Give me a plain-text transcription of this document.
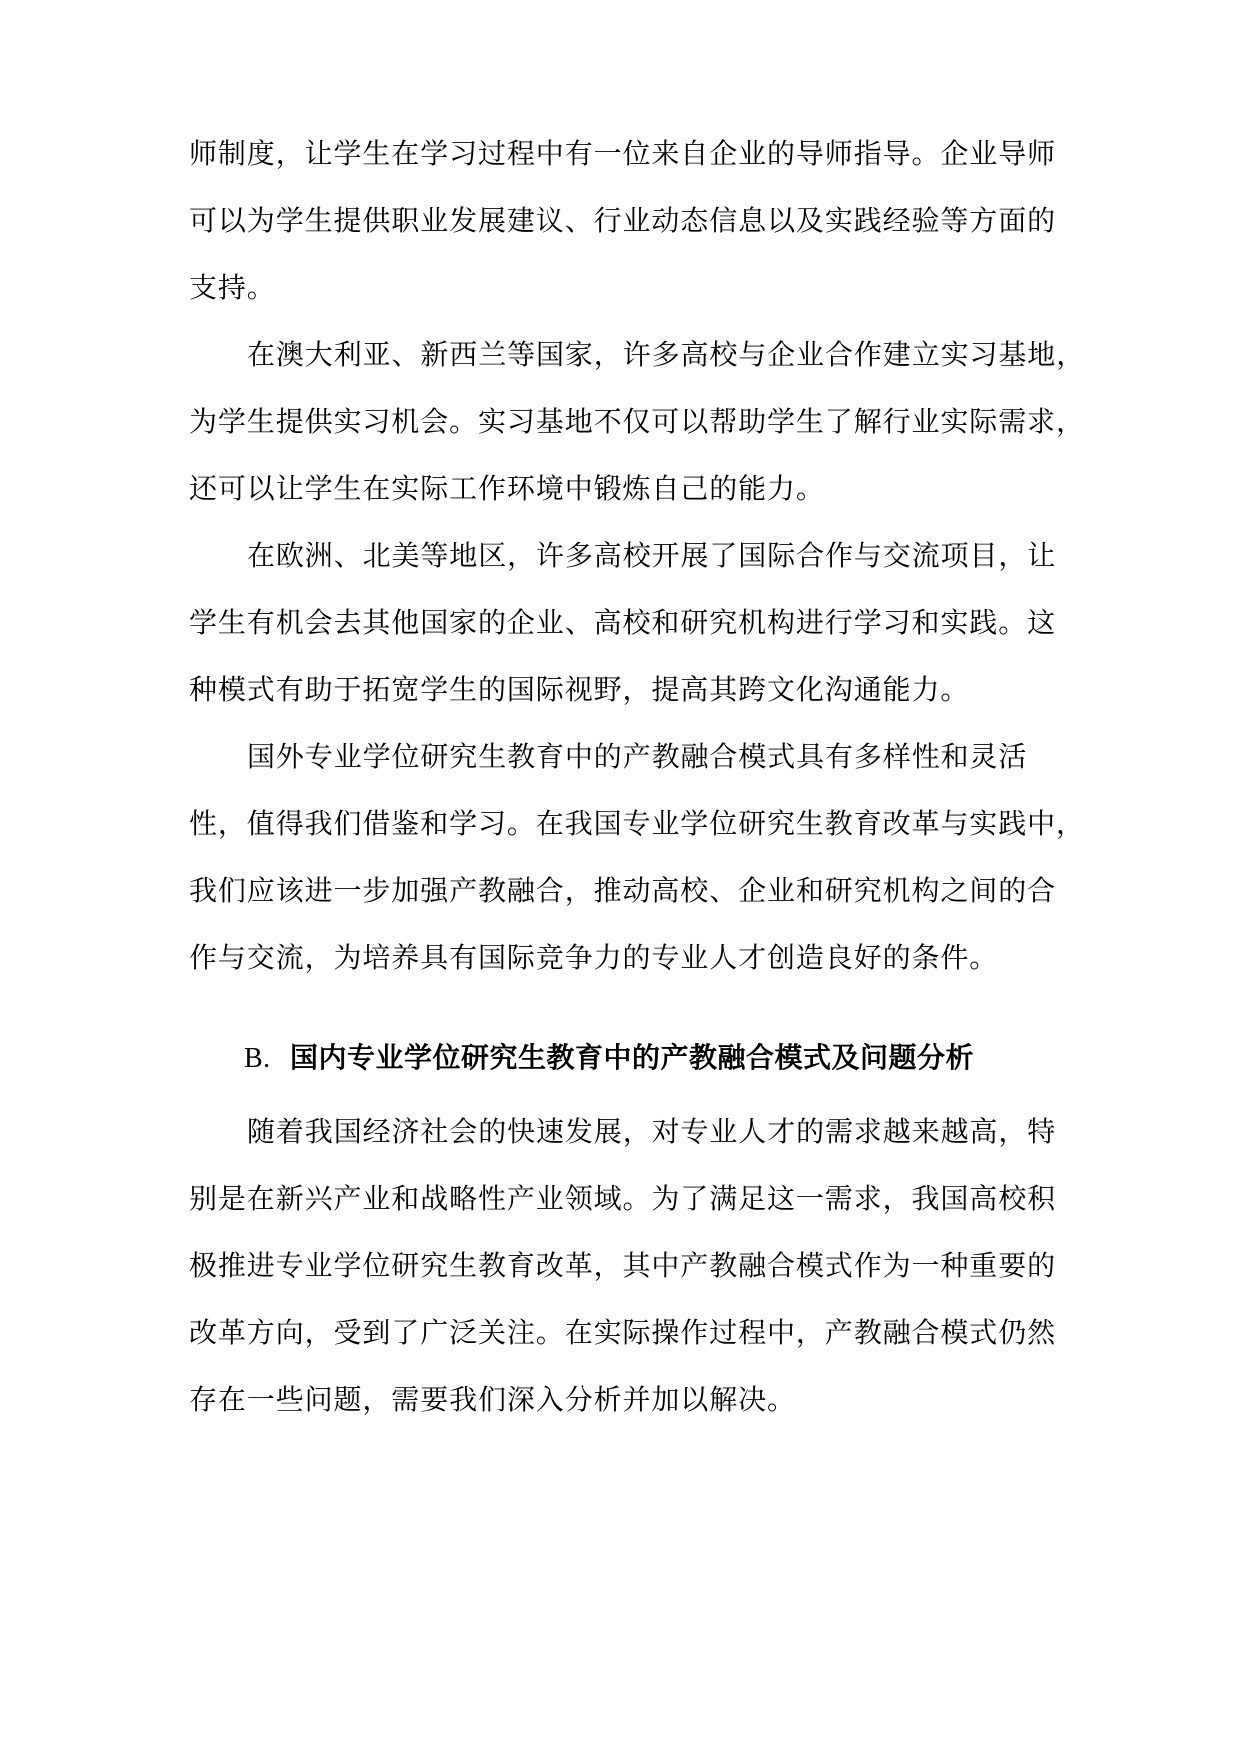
师制度，让学生在学习过程中有一位来自企业的导师指导。企业导师
可以为学生提供职业发展建议、行业动态信息以及实践经验等方面的
支持。
在澳大利亚、新西兰等国家，许多高校与企业合作建立实习基地，
为学生提供实习机会。实习基地不仅可以帮助学生了解行业实际需求，
还可以让学生在实际工作环境中锻炼自己的能力。
在欧洲、北美等地区，许多高校开展了国际合作与交流项目，让
学生有机会去其他国家的企业、高校和研究机构进行学习和实践。这
种模式有助于拓宽学生的国际视野，提高其跨文化沟通能力。
国外专业学位研究生教育中的产教融合模式具有多样性和灵活
性，值得我们借鉴和学习。在我国专业学位研究生教育改革与实践中，
我们应该进一步加强产教融合，推动高校、企业和研究机构之间的合
作与交流，为培养具有国际竞争力的专业人才创造良好的条件。
B. 国内专业学位研究生教育中的产教融合模式及问题分析
随着我国经济社会的快速发展，对专业人才的需求越来越高，特
别是在新兴产业和战略性产业领域。为了满足这一需求，我国高校积
极推进专业学位研究生教育改革，其中产教融合模式作为一种重要的
改革方向，受到了广泛关注。在实际操作过程中，产教融合模式仍然
存在一些问题，需要我们深入分析并加以解决。
